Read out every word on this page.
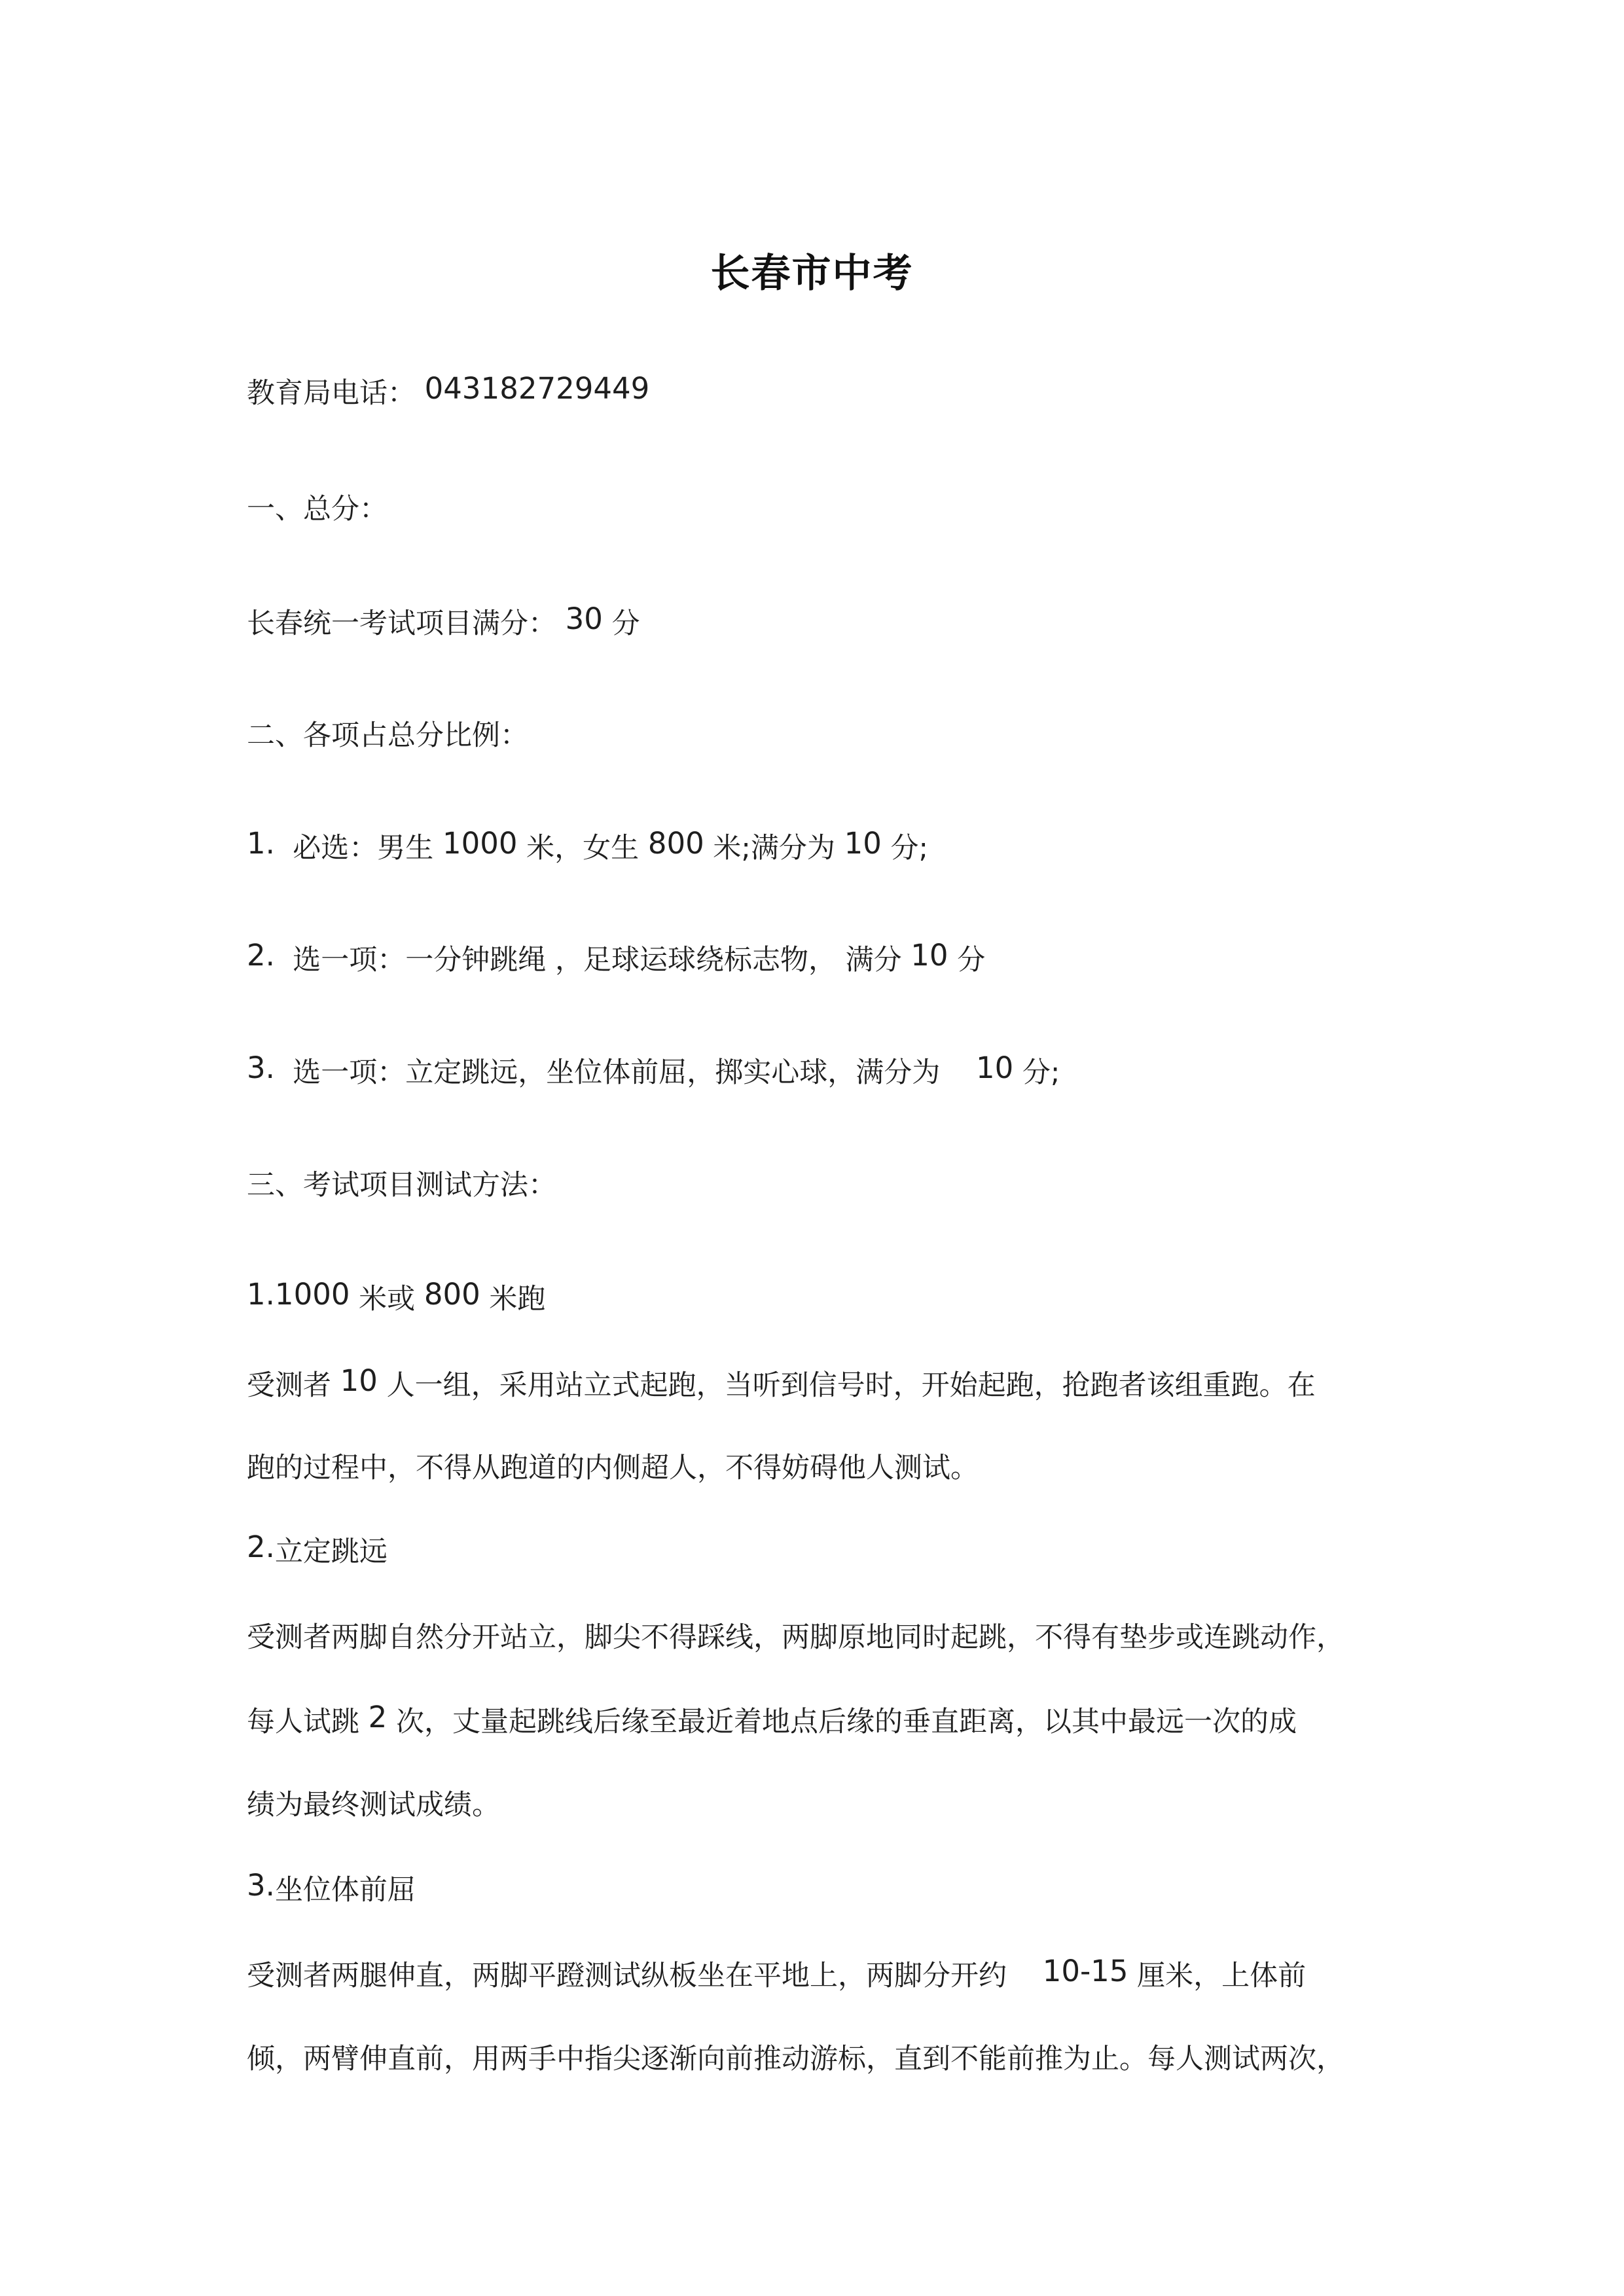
长春市中考
教育局电话： 043182729449
一、总分：
长春统一考试项目满分： 30 分
二、各项占总分比例：
1. 必选：男生 1000 米，女生 800 米;满分为 10 分;
2. 选一项：一分钟跳绳 ，足球运球绕标志物， 满分 10 分
3. 选一项：立定跳远，坐位体前屈，掷实心球，满分为 10 分;
三、考试项目测试方法：
1.1000 米或 800 米跑
受测者 10 人一组，采用站立式起跑，当听到信号时，开始起跑，抢跑者该组重跑。在
跑的过程中，不得从跑道的内侧超人，不得妨碍他人测试。
2.立定跳远
受测者两脚自然分开站立，脚尖不得踩线，两脚原地同时起跳，不得有垫步或连跳动作，
每人试跳 2 次，丈量起跳线后缘至最近着地点后缘的垂直距离，以其中最远一次的成
绩为最终测试成绩。
3.坐位体前屈
受测者两腿伸直，两脚平蹬测试纵板坐在平地上，两脚分开约 10-15 厘米，上体前
倾，两臂伸直前，用两手中指尖逐渐向前推动游标，直到不能前推为止。每人测试两次，
